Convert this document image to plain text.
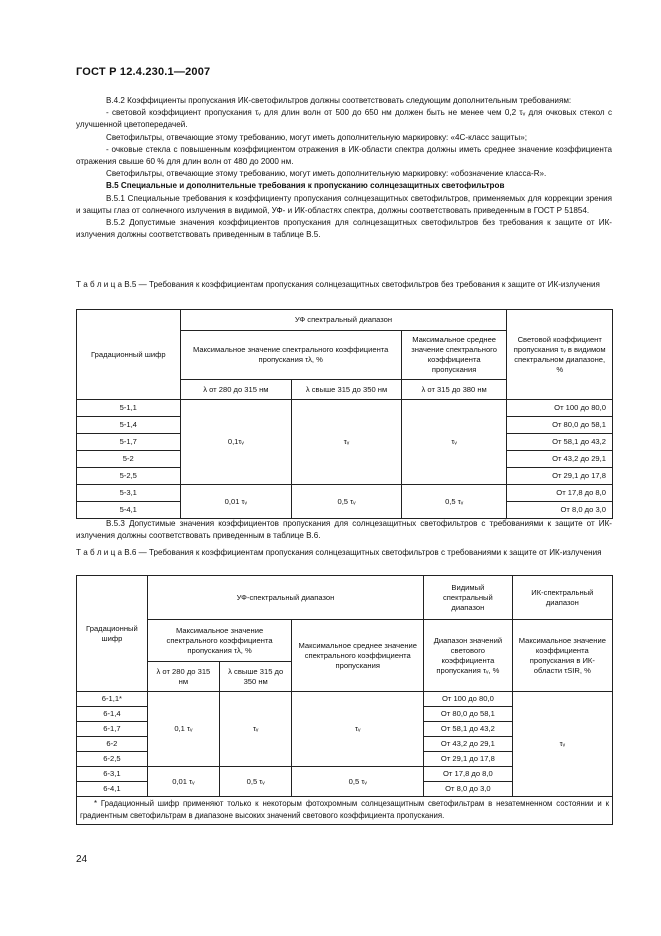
ГОСТ Р 12.4.230.1—2007

В.4.2 Коэффициенты пропускания ИК-светофильтров должны соответствовать следующим дополнительным требованиям:

- световой коэффициент пропускания τᵥ для длин волн от 500 до 650 нм должен быть не менее чем 0,2 τᵥ для очковых стекол с улучшенной цветопередачей.

Светофильтры, отвечающие этому требованию, могут иметь дополнительную маркировку: «4С-класс защиты»;

- очковые стекла с повышенным коэффициентом отражения в ИК-области спектра должны иметь среднее значение коэффициента отражения свыше 60 % для длин волн от 480 до 2000 нм.

Светофильтры, отвечающие этому требованию, могут иметь дополнительную маркировку: «обозначение класса-R».

В.5 Специальные и дополнительные требования к пропусканию солнцезащитных светофильтров

В.5.1 Специальные требования к коэффициенту пропускания солнцезащитных светофильтров, применяемых для коррекции зрения и защиты глаз от солнечного излучения в видимой, УФ- и ИК-областях спектра, должны соответствовать приведенным в ГОСТ Р 51854.

В.5.2 Допустимые значения коэффициентов пропускания для солнцезащитных светофильтров без требования к защите от ИК-излучения должны соответствовать приведенным в таблице В.5.

Т а б л и ц а В.5 — Требования к коэффициентам пропускания солнцезащитных светофильтров без требования к защите от ИК-излучения
Градационный шифр	УФ спектральный диапазон			Световой коэффициент пропускания τᵥ в видимом спектральном диапазоне, %
	Максимальное значение спектрального коэффициента пропускания τλ, %		Максимальное среднее значение спектрального коэффициента пропускания	
	λ от 280 до 315 нм	λ свыше 315 до 350 нм	λ от 315 до 380 нм	
5-1,1	0,1τᵥ	τᵥ	τᵥ	От 100 до 80,0
5-1,4				От 80,0 до 58,1
5-1,7				От 58,1 до 43,2
5-2				От 43,2 до 29,1
5-2,5				От 29,1 до 17,8
5-3,1	0,01 τᵥ	0,5 τᵥ	0,5 τᵥ	От 17,8 до 8,0
5-4,1				От 8,0 до 3,0

В.5.3 Допустимые значения коэффициентов пропускания для солнцезащитных светофильтров с требованиями к защите от ИК-излучения должны соответствовать приведенным в таблице В.6.

Т а б л и ц а В.6 — Требования к коэффициентам пропускания солнцезащитных светофильтров с требованиями к защите от ИК-излучения
Градационный шифр	УФ-спектральный диапазон			Видимый спектральный диапазон	ИК-спектральный диапазон
	Максимальное значение спектрального коэффициента пропускания τλ, %		Максимальное среднее значение спектрального коэффициента пропускания	Диапазон значений светового коэффициента пропускания τᵥ, %	Максимальное значение коэффициента пропускания в ИК-области τSIR, %
	λ от 280 до 315 нм	λ свыше 315 до 350 нм			
6-1,1*	0,1 τᵥ	τᵥ	τᵥ	От 100 до 80,0	τᵥ
6-1,4				От 80,0 до 58,1	
6-1,7				От 58,1 до 43,2	
6-2				От 43,2 до 29,1	
6-2,5				От 29,1 до 17,8	
6-3,1	0,01 τᵥ	0,5 τᵥ	0,5 τᵥ	От 17,8 до 8,0	
6-4,1				От 8,0 до 3,0	

* Градационный шифр применяют только к некоторым фотохромным солнцезащитным светофильтрам в незатемненном состоянии и к градиентным светофильтрам в диапазоне высоких значений светового коэффициента пропускания.

24
